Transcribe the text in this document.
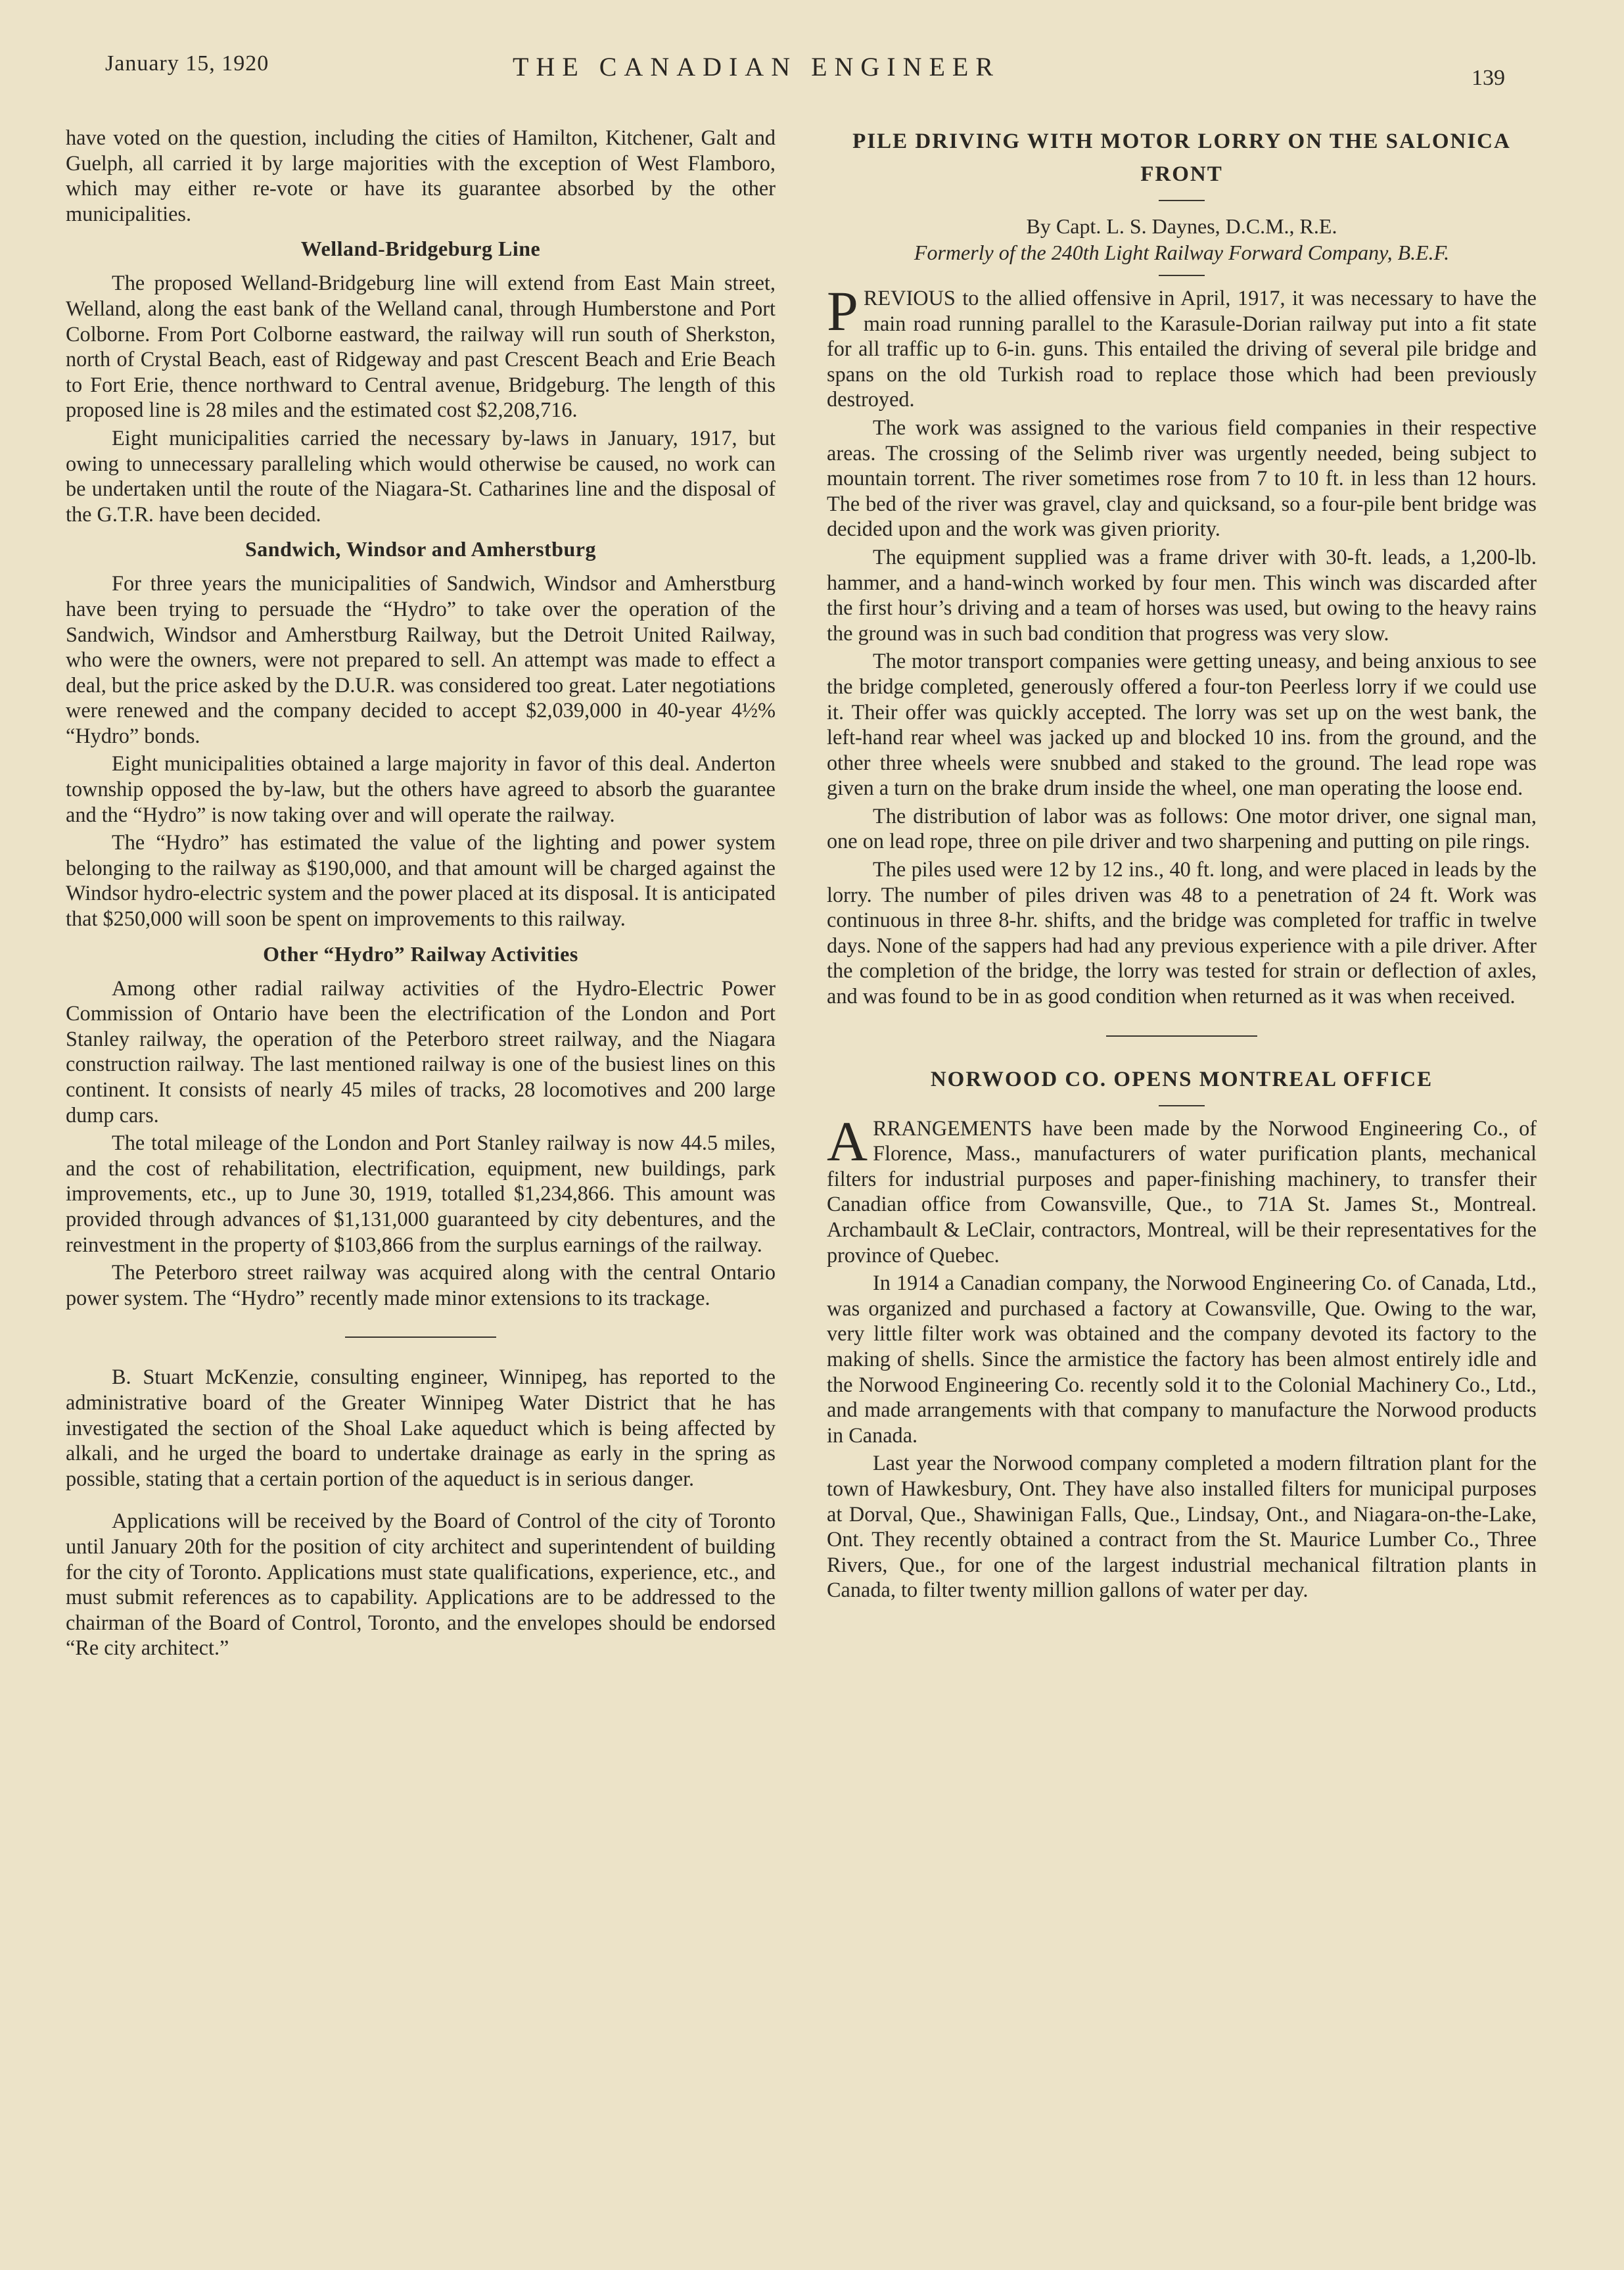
January 15, 1920	THE CANADIAN ENGINEER	139

have voted on the question, including the cities of Hamilton, Kitchener, Galt and Guelph, all carried it by large majorities with the exception of West Flamboro, which may either re-vote or have its guarantee absorbed by the other municipalities.

Welland-Bridgeburg Line

The proposed Welland-Bridgeburg line will extend from East Main street, Welland, along the east bank of the Welland canal, through Humberstone and Port Colborne. From Port Colborne eastward, the railway will run south of Sherkston, north of Crystal Beach, east of Ridgeway and past Crescent Beach and Erie Beach to Fort Erie, thence northward to Central avenue, Bridgeburg. The length of this proposed line is 28 miles and the estimated cost $2,208,716.

Eight municipalities carried the necessary by-laws in January, 1917, but owing to unnecessary paralleling which would otherwise be caused, no work can be undertaken until the route of the Niagara-St. Catharines line and the disposal of the G.T.R. have been decided.

Sandwich, Windsor and Amherstburg

For three years the municipalities of Sandwich, Windsor and Amherstburg have been trying to persuade the “Hydro” to take over the operation of the Sandwich, Windsor and Amherstburg Railway, but the Detroit United Railway, who were the owners, were not prepared to sell. An attempt was made to effect a deal, but the price asked by the D.U.R. was considered too great. Later negotiations were renewed and the company decided to accept $2,039,000 in 40-year 4½% “Hydro” bonds.

Eight municipalities obtained a large majority in favor of this deal. Anderton township opposed the by-law, but the others have agreed to absorb the guarantee and the “Hydro” is now taking over and will operate the railway.

The “Hydro” has estimated the value of the lighting and power system belonging to the railway as $190,000, and that amount will be charged against the Windsor hydro-electric system and the power placed at its disposal. It is anticipated that $250,000 will soon be spent on improvements to this railway.

Other “Hydro” Railway Activities

Among other radial railway activities of the Hydro-Electric Power Commission of Ontario have been the electrification of the London and Port Stanley railway, the operation of the Peterboro street railway, and the Niagara construction railway. The last mentioned railway is one of the busiest lines on this continent. It consists of nearly 45 miles of tracks, 28 locomotives and 200 large dump cars.

The total mileage of the London and Port Stanley railway is now 44.5 miles, and the cost of rehabilitation, electrification, equipment, new buildings, park improvements, etc., up to June 30, 1919, totalled $1,234,866. This amount was provided through advances of $1,131,000 guaranteed by city debentures, and the reinvestment in the property of $103,866 from the surplus earnings of the railway.

The Peterboro street railway was acquired along with the central Ontario power system. The “Hydro” recently made minor extensions to its trackage.

B. Stuart McKenzie, consulting engineer, Winnipeg, has reported to the administrative board of the Greater Winnipeg Water District that he has investigated the section of the Shoal Lake aqueduct which is being affected by alkali, and he urged the board to undertake drainage as early in the spring as possible, stating that a certain portion of the aqueduct is in serious danger.

Applications will be received by the Board of Control of the city of Toronto until January 20th for the position of city architect and superintendent of building for the city of Toronto. Applications must state qualifications, experience, etc., and must submit references as to capability. Applications are to be addressed to the chairman of the Board of Control, Toronto, and the envelopes should be endorsed “Re city architect.”

PILE DRIVING WITH MOTOR LORRY ON THE SALONICA FRONT
By Capt. L. S. Daynes, D.C.M., R.E.
Formerly of the 240th Light Railway Forward Company, B.E.F.

PREVIOUS to the allied offensive in April, 1917, it was necessary to have the main road running parallel to the Karasule-Dorian railway put into a fit state for all traffic up to 6-in. guns. This entailed the driving of several pile bridge and spans on the old Turkish road to replace those which had been previously destroyed.

The work was assigned to the various field companies in their respective areas. The crossing of the Selimb river was urgently needed, being subject to mountain torrent. The river sometimes rose from 7 to 10 ft. in less than 12 hours. The bed of the river was gravel, clay and quicksand, so a four-pile bent bridge was decided upon and the work was given priority.

The equipment supplied was a frame driver with 30-ft. leads, a 1,200-lb. hammer, and a hand-winch worked by four men. This winch was discarded after the first hour’s driving and a team of horses was used, but owing to the heavy rains the ground was in such bad condition that progress was very slow.

The motor transport companies were getting uneasy, and being anxious to see the bridge completed, generously offered a four-ton Peerless lorry if we could use it. Their offer was quickly accepted. The lorry was set up on the west bank, the left-hand rear wheel was jacked up and blocked 10 ins. from the ground, and the other three wheels were snubbed and staked to the ground. The lead rope was given a turn on the brake drum inside the wheel, one man operating the loose end.

The distribution of labor was as follows: One motor driver, one signal man, one on lead rope, three on pile driver and two sharpening and putting on pile rings.

The piles used were 12 by 12 ins., 40 ft. long, and were placed in leads by the lorry. The number of piles driven was 48 to a penetration of 24 ft. Work was continuous in three 8-hr. shifts, and the bridge was completed for traffic in twelve days. None of the sappers had had any previous experience with a pile driver. After the completion of the bridge, the lorry was tested for strain or deflection of axles, and was found to be in as good condition when returned as it was when received.

NORWOOD CO. OPENS MONTREAL OFFICE

ARRANGEMENTS have been made by the Norwood Engineering Co., of Florence, Mass., manufacturers of water purification plants, mechanical filters for industrial purposes and paper-finishing machinery, to transfer their Canadian office from Cowansville, Que., to 71A St. James St., Montreal. Archambault & LeClair, contractors, Montreal, will be their representatives for the province of Quebec.

In 1914 a Canadian company, the Norwood Engineering Co. of Canada, Ltd., was organized and purchased a factory at Cowansville, Que. Owing to the war, very little filter work was obtained and the company devoted its factory to the making of shells. Since the armistice the factory has been almost entirely idle and the Norwood Engineering Co. recently sold it to the Colonial Machinery Co., Ltd., and made arrangements with that company to manufacture the Norwood products in Canada.

Last year the Norwood company completed a modern filtration plant for the town of Hawkesbury, Ont. They have also installed filters for municipal purposes at Dorval, Que., Shawinigan Falls, Que., Lindsay, Ont., and Niagara-on-the-Lake, Ont. They recently obtained a contract from the St. Maurice Lumber Co., Three Rivers, Que., for one of the largest industrial mechanical filtration plants in Canada, to filter twenty million gallons of water per day.
